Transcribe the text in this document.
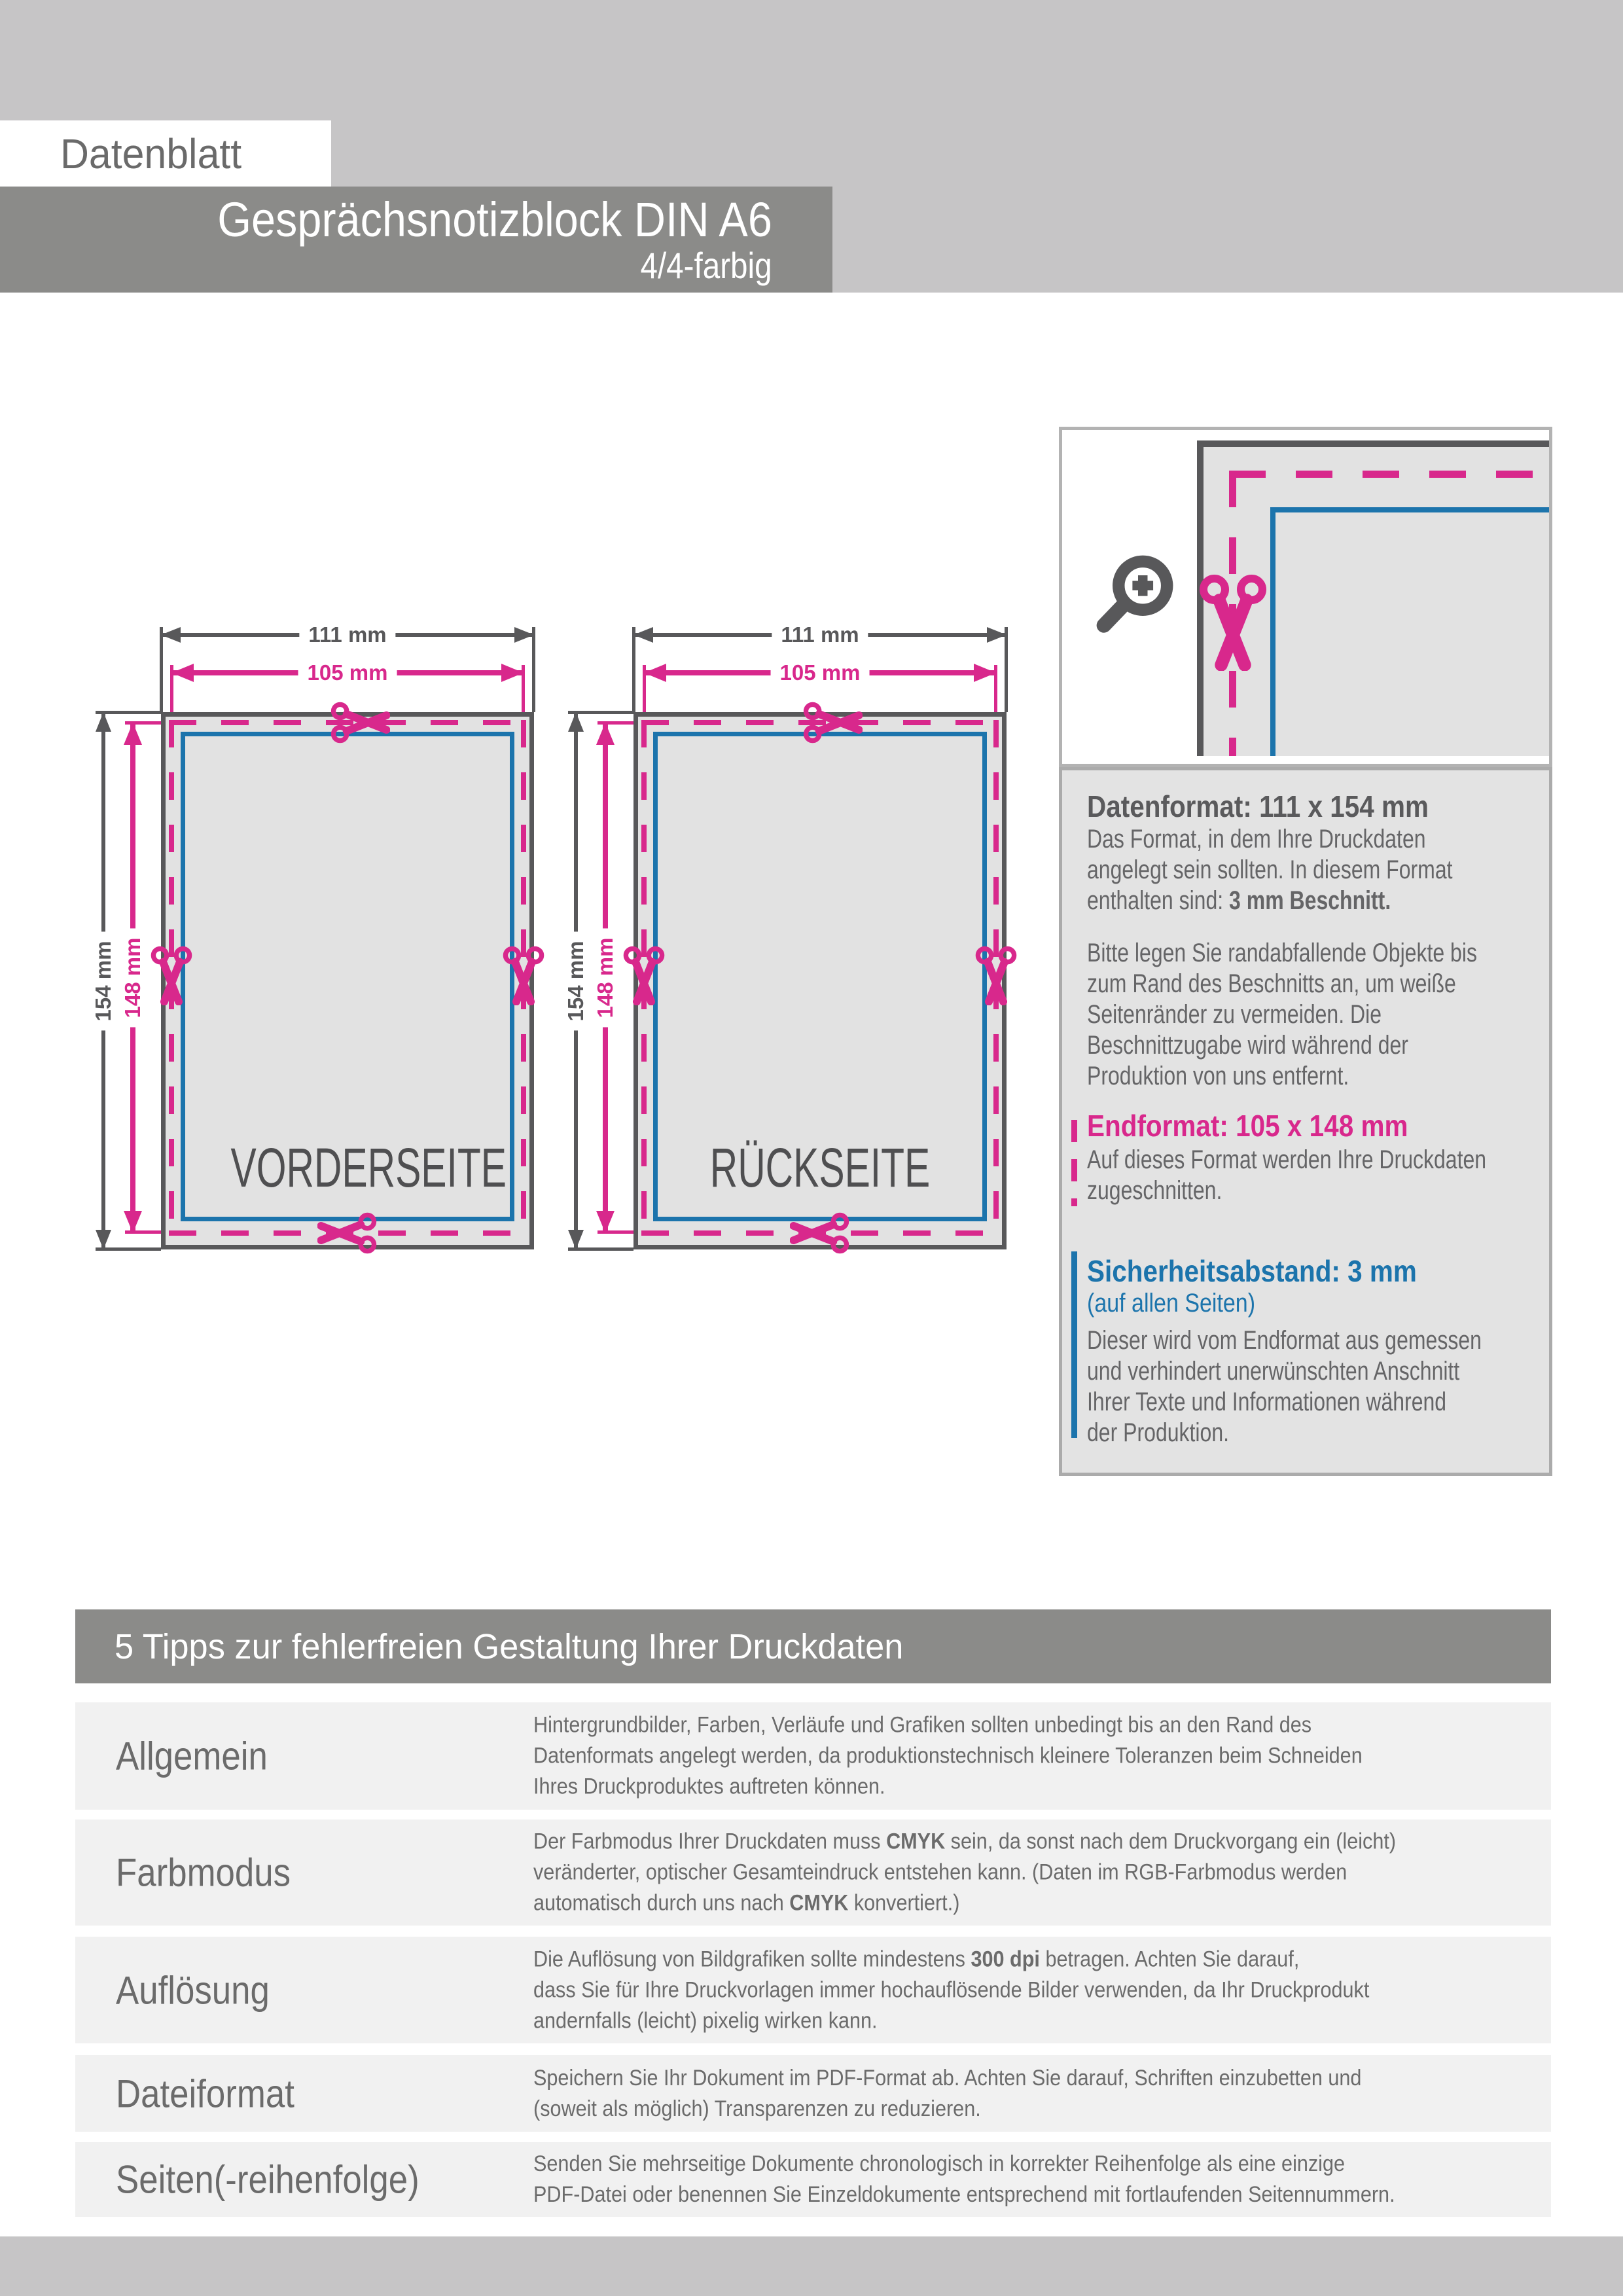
Datenblatt
Gesprächsnotizblock DIN A6
4/4-farbig
111 mm
105 mm
154 mm 148 mm
VORDERSEITE
111 mm
105 mm
154 mm 148 mm
RÜCKSEITE
Datenformat: 111 x 154 mm
Das Format, in dem Ihre Druckdaten
angelegt sein sollten. In diesem Format
enthalten sind: 3 mm Beschnitt.
Bitte legen Sie randabfallende Objekte bis
zum Rand des Beschnitts an, um weiße
Seitenränder zu vermeiden. Die
Beschnittzugabe wird während der
Produktion von uns entfernt.
Endformat: 105 x 148 mm
Auf dieses Format werden Ihre Druckdaten
zugeschnitten.
Sicherheitsabstand: 3 mm
(auf allen Seiten)
Dieser wird vom Endformat aus gemessen
und verhindert unerwünschten Anschnitt
Ihrer Texte und Informationen während
der Produktion.
5 Tipps zur fehlerfreien Gestaltung Ihrer Druckdaten
Allgemein
Hintergrundbilder, Farben, Verläufe und Grafiken sollten unbedingt bis an den Rand des
Datenformats angelegt werden, da produktionstechnisch kleinere Toleranzen beim Schneiden
Ihres Druckproduktes auftreten können.
Farbmodus
Der Farbmodus Ihrer Druckdaten muss CMYK sein, da sonst nach dem Druckvorgang ein (leicht)
veränderter, optischer Gesamteindruck entstehen kann. (Daten im RGB-Farbmodus werden
automatisch durch uns nach CMYK konvertiert.)
Auflösung
Die Auflösung von Bildgrafiken sollte mindestens 300 dpi betragen. Achten Sie darauf,
dass Sie für Ihre Druckvorlagen immer hochauflösende Bilder verwenden, da Ihr Druckprodukt
andernfalls (leicht) pixelig wirken kann.
Dateiformat	Speichern Sie Ihr Dokument im PDF-Format ab. Achten Sie darauf, Schriften einzubetten und
(soweit als möglich) Transparenzen zu reduzieren.
Seiten(-reihenfolge)	Senden Sie mehrseitige Dokumente chronologisch in korrekter Reihenfolge als eine einzige
PDF-Datei oder benennen Sie Einzeldokumente entsprechend mit fortlaufenden Seitennummern.
